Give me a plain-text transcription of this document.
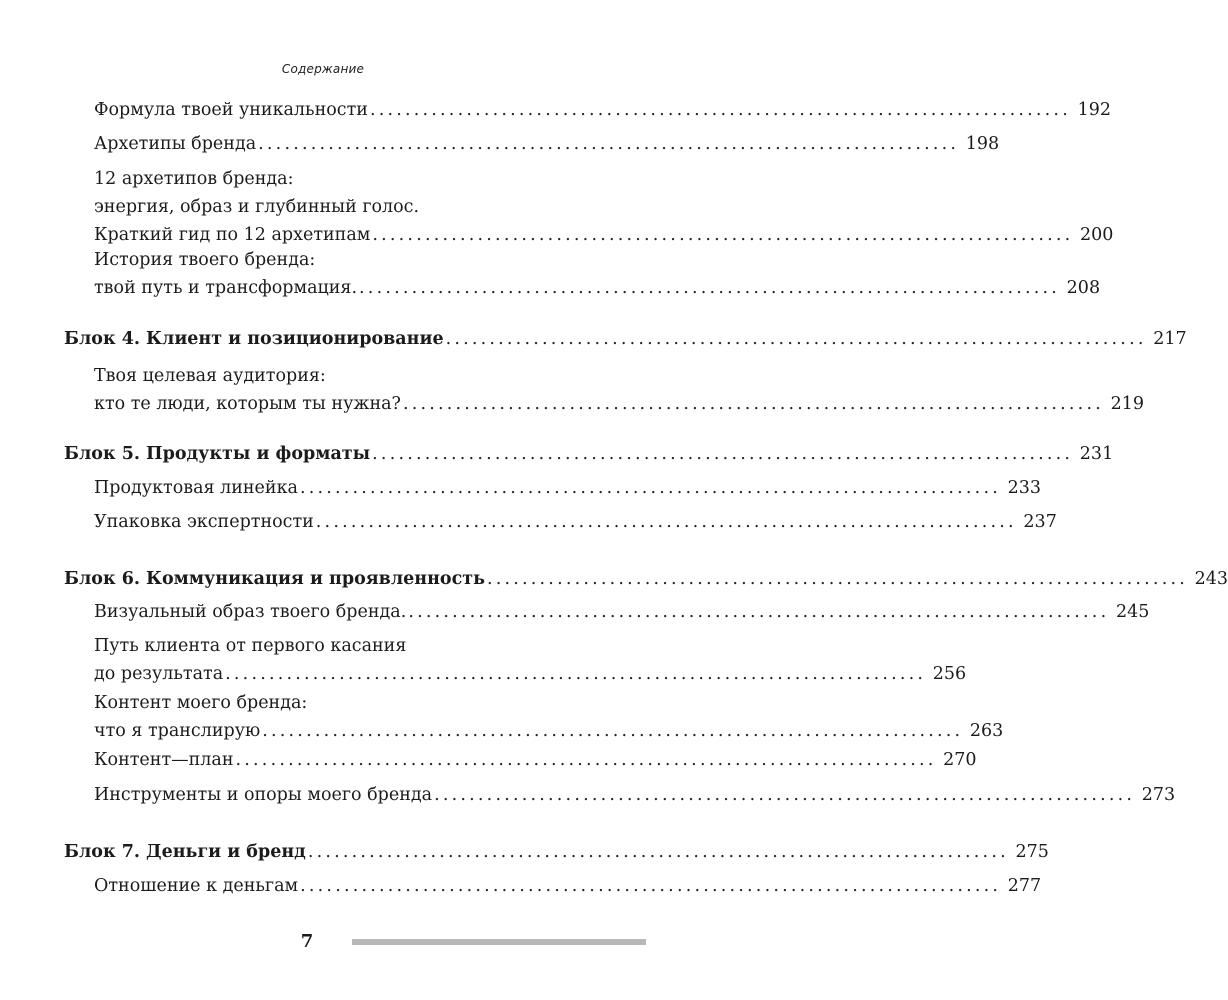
Содержание
Формула твоей уникальности ................................................................................ 192
Архетипы бренда ................................................................................ 198
12 архетипов бренда:
энергия, образ и глубинный голос.
Краткий гид по 12 архетипам ................................................................................ 200
История твоего бренда:
твой путь и трансформация. ................................................................................ 208
Блок 4. Клиент и позиционирование ................................................................................ 217
Твоя целевая аудитория:
кто те люди, которым ты нужна? ................................................................................ 219
Блок 5. Продукты и форматы ................................................................................ 231
Продуктовая линейка ................................................................................ 233
Упаковка экспертности ................................................................................ 237
Блок 6. Коммуникация и проявленность ................................................................................ 243
Визуальный образ твоего бренда. ................................................................................ 245
Путь клиента от первого касания
до результата ................................................................................ 256
Контент моего бренда:
что я транслирую ................................................................................ 263
Контент—план ................................................................................ 270
Инструменты и опоры моего бренда ................................................................................ 273
Блок 7. Деньги и бренд ................................................................................ 275
Отношение к деньгам ................................................................................ 277
7
